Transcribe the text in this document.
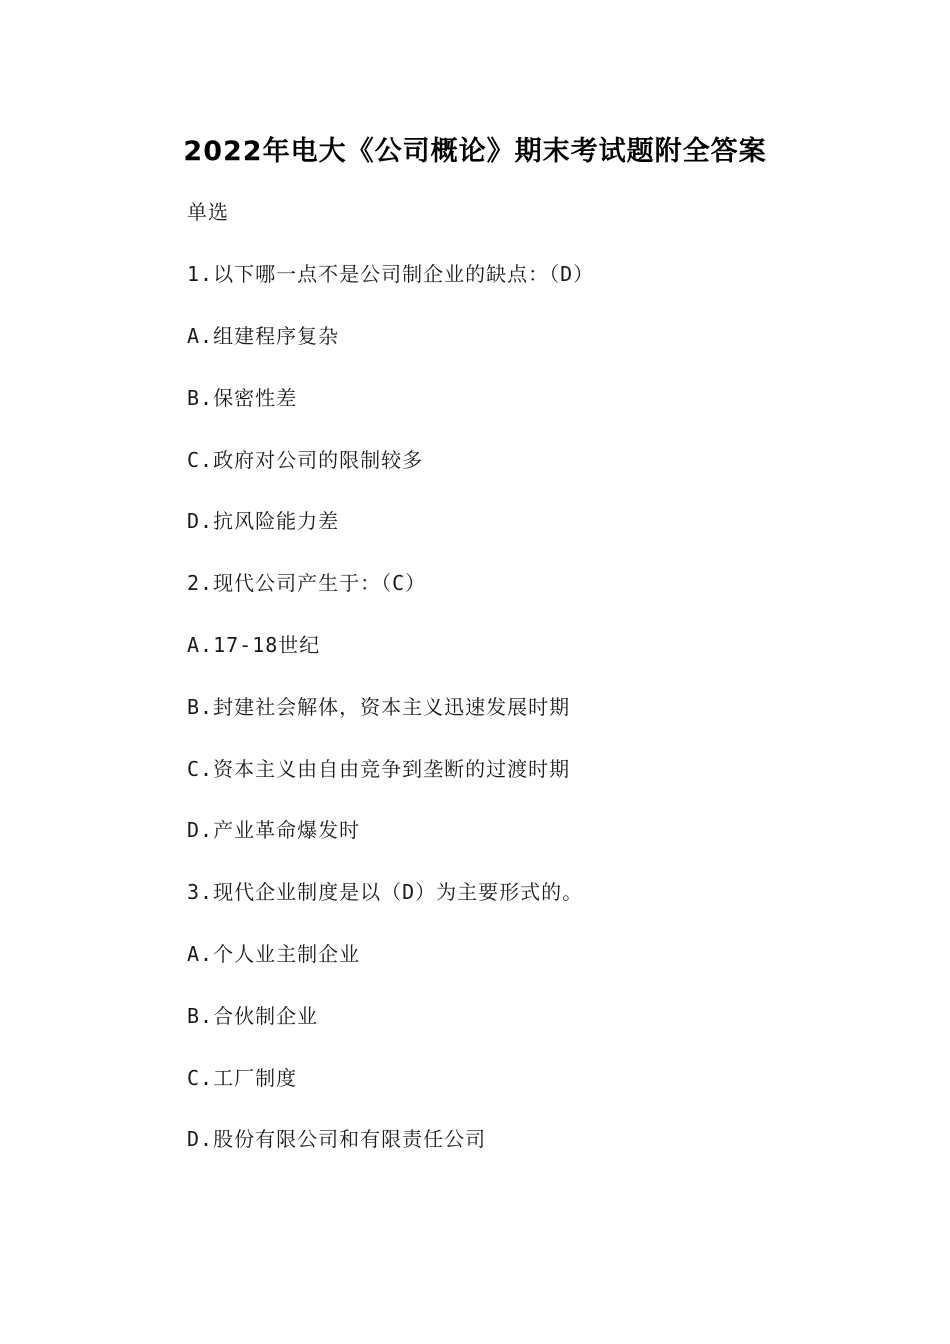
2022年电大《公司概论》期末考试题附全答案
单选
1.以下哪一点不是公司制企业的缺点：（D）
A.组建程序复杂
B.保密性差
C.政府对公司的限制较多
D.抗风险能力差
2.现代公司产生于：（C）
A.17-18世纪
B.封建社会解体，资本主义迅速发展时期
C.资本主义由自由竞争到垄断的过渡时期
D.产业革命爆发时
3.现代企业制度是以（D）为主要形式的。
A.个人业主制企业
B.合伙制企业
C.工厂制度
D.股份有限公司和有限责任公司
